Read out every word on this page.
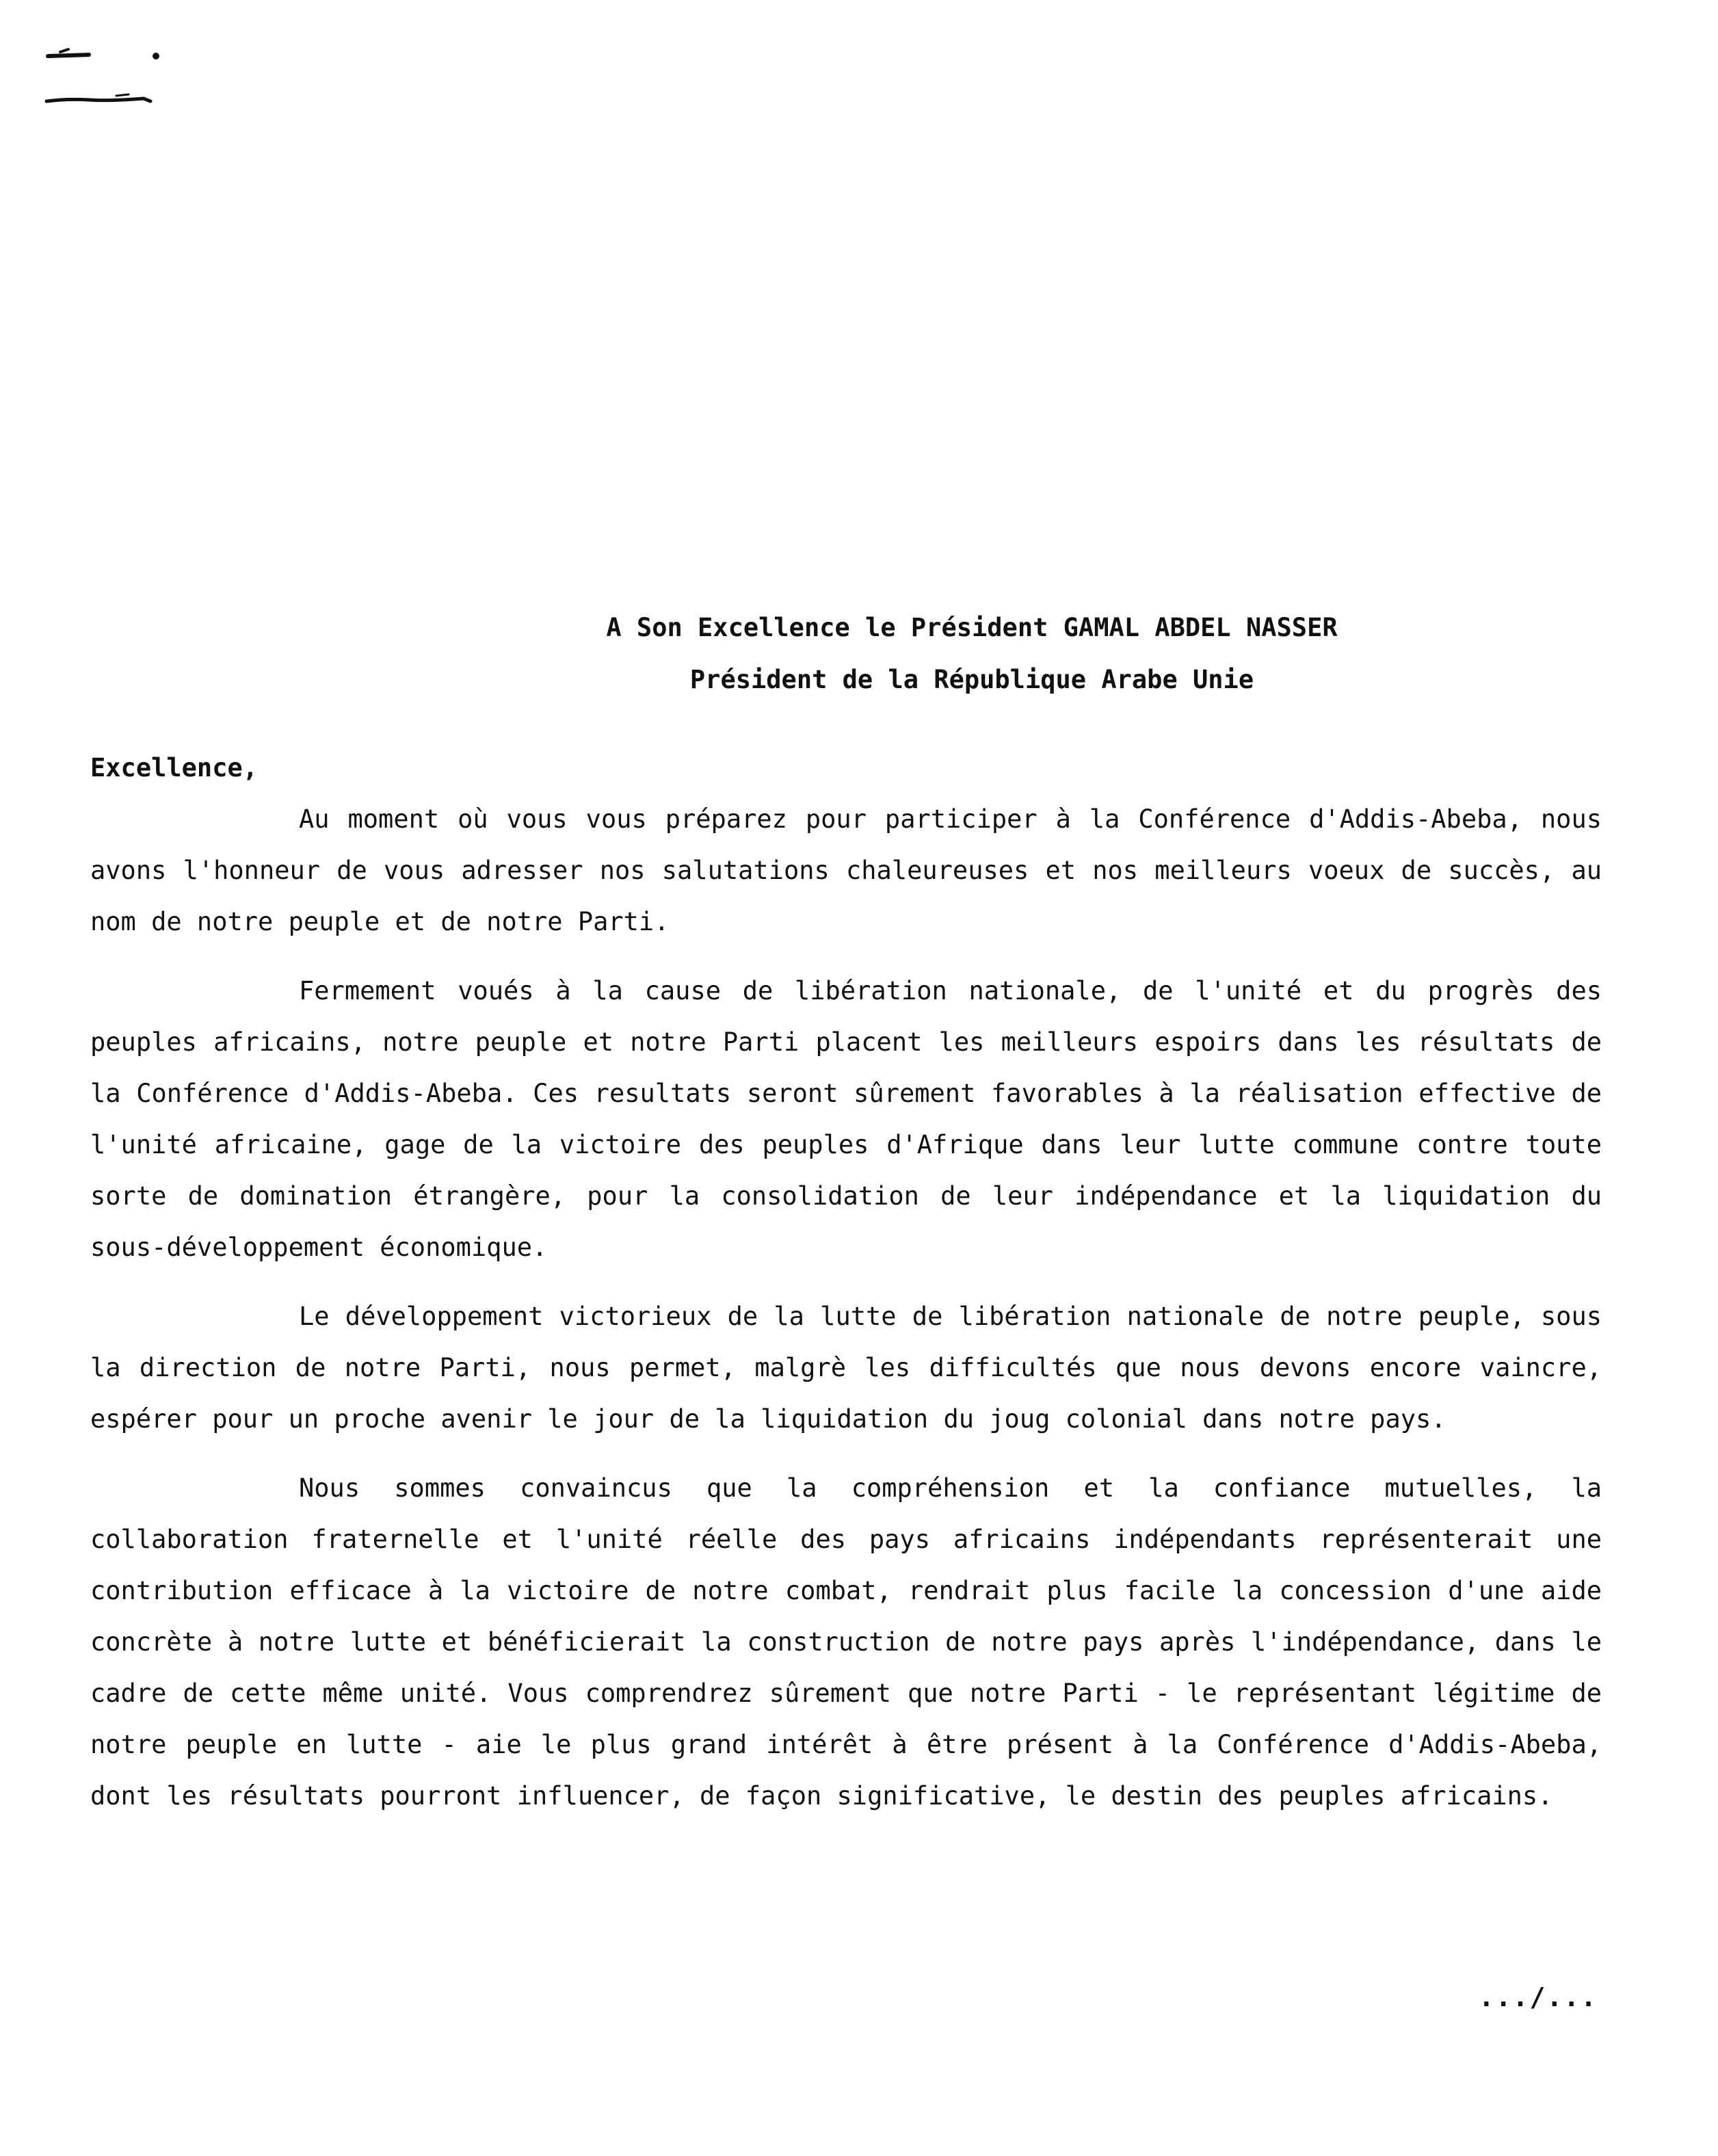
A Son Excellence le Président GAMAL ABDEL NASSER
Président de la République Arabe Unie

Excellence,

Au moment où vous vous préparez pour participer à la Conférence d'Addis-Abeba, nous avons l'honneur de vous adresser nos salutations chaleureuses et nos meilleurs voeux de succès, au nom de notre peuple et de notre Parti.

Fermement voués à la cause de libération nationale, de l'unité et du progrès des peuples africains, notre peuple et notre Parti placent les meilleurs espoirs dans les résultats de la Conférence d'Addis-Abeba. Ces resultats seront sûrement favorables à la réalisation effective de l'unité africaine, gage de la victoire des peuples d'Afrique dans leur lutte commune contre toute sorte de domination étrangère, pour la consolidation de leur indépendance et la liquidation du sous-développement économique.

Le développement victorieux de la lutte de libération nationale de notre peuple, sous la direction de notre Parti, nous permet, malgrè les difficultés que nous devons encore vaincre, espérer pour un proche avenir le jour de la liquidation du joug colonial dans notre pays.

Nous sommes convaincus que la compréhension et la confiance mutuelles, la collaboration fraternelle et l'unité réelle des pays africains indépendants représenterait une contribution efficace à la victoire de notre combat, rendrait plus facile la concession d'une aide concrète à notre lutte et bénéficierait la construction de notre pays après l'indépendance, dans le cadre de cette même unité. Vous comprendrez sûrement que notre Parti - le représentant légitime de notre peuple en lutte - aie le plus grand intérêt à être présent à la Conférence d'Addis-Abeba, dont les résultats pourront influencer, de façon significative, le destin des peuples africains.

.../...
